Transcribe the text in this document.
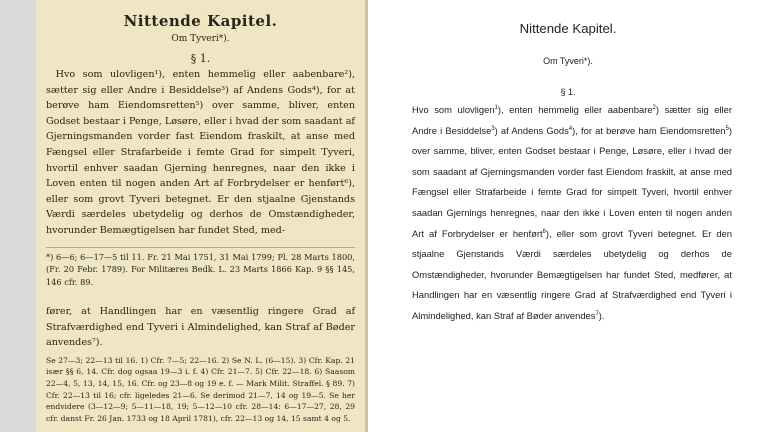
Nittende Kapitel.
Om Tyveri*).
§ 1.

Hvo som ulovligen¹), enten hemmelig eller aabenbare²), sætter sig eller Andre i Besiddelse³) af Andens Gods⁴), for at berøve ham Eiendomsretten⁵) over samme, bliver, enten Godset bestaar i Penge, Løsøre, eller i hvad der som saadant af Gjerningsmanden vorder fast Eiendom fraskilt, at anse med Fængsel eller Strafarbeide i femte Grad for simpelt Tyveri, hvortil enhver saadan Gjerning henregnes, naar den ikke i Loven enten til nogen anden Art af Forbrydelser er henført⁶), eller som grovt Tyveri betegnet. Er den stjaalne Gjenstands Værdi særdeles ubetydelig og derhos de Omstændigheder, hvorunder Bemægtigelsen har fundet Sted, med-

*) 6—6; 6—17—5 til 11. Fr. 21 Mai 1751, 31 Mai 1799; Pl. 28 Marts 1800, (Fr. 20 Febr. 1789). For Militæres Bedk. L. 23 Marts 1866 Kap. 9 §§ 145, 146 cfr. 89.
fører, at Handlingen har en væsentlig ringere Grad af Strafværdighed end Tyveri i Almindelighed, kan Straf af Bøder anvendes⁷).
Se 27—3; 22—13 til 16. 1) Cfr. 7—5; 22—16. 2) Se N. L. (6—15). 3) Cfr. Kap. 21 især §§ 6, 14. Cfr. dog ogsaa 19—3 i. f. 4) Cfr. 21—7. 5) Cfr. 22—18. 6) Saasom 22—4, 5, 13, 14, 15, 16. Cfr. og 23—8 og 19 e. f. — Mark Milit. Straffel. § 89. 7) Cfr. 22—13 til 16; cfr. ligeledes 21—6. Se derimod 21—7, 14 og 19—5. Se her endvidere (3—12—9; 5—11—18, 19; 5—12—10 cfr. 28—14: 6—17—27, 28, 29 cfr. danst Fr. 26 Jan. 1733 og 18 April 1781), cfr. 22—13 og 14, 15 samt 4 og 5.
Nittende Kapitel.
Om Tyveri*).
§ 1.

Hvo som ulovligen$^1$), enten hemmelig eller aabenbare$^2$) sætter sig eller Andre i Besiddelse$^3$) af Andens Gods$^4$), for at berøve ham Eiendomsretten$^5$) over samme, bliver, enten Godset bestaar i Penge, Løsøre, eller i hvad der som saadant af Gjerningsmanden vorder fast Eiendom fraskilt, at anse med Fængsel eller Strafarbeide i femte Grad for simpelt Tyveri, hvortil enhver saadan Gjernings henregnes, naar den ikke i Loven enten til nogen anden Art af Forbrydelser er henført$^6$), eller som grovt Tyveri betegnet. Er den stjaalne Gjenstands Værdi særdeles ubetydelig og derhos de Omstændigheder, hvorunder Bemægtigelsen har fundet Sted, medfører, at Handlingen har en væsentlig ringere Grad af Strafværdighed end Tyveri i Almindelighed, kan Straf af Bøder anvendes$^7$).
